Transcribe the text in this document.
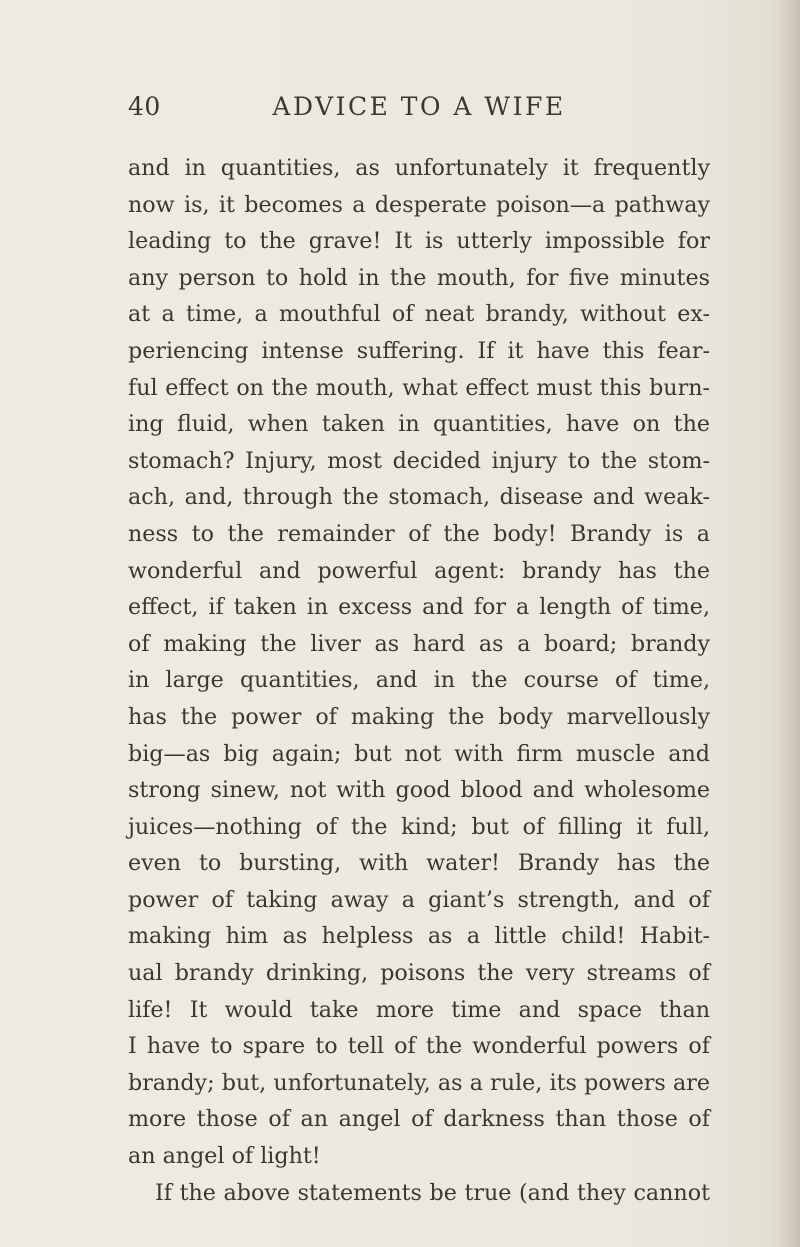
40	ADVICE TO A WIFE
and in quantities, as unfortunately it frequently
now is, it becomes a desperate poison—a pathway
leading to the grave! It is utterly impossible for
any person to hold in the mouth, for five minutes
at a time, a mouthful of neat brandy, without ex-
periencing intense suffering. If it have this fear-
ful effect on the mouth, what effect must this burn-
ing fluid, when taken in quantities, have on the
stomach? Injury, most decided injury to the stom-
ach, and, through the stomach, disease and weak-
ness to the remainder of the body! Brandy is a
wonderful and powerful agent: brandy has the
effect, if taken in excess and for a length of time,
of making the liver as hard as a board; brandy
in large quantities, and in the course of time,
has the power of making the body marvellously
big—as big again; but not with firm muscle and
strong sinew, not with good blood and wholesome
juices—nothing of the kind; but of filling it full,
even to bursting, with water! Brandy has the
power of taking away a giant’s strength, and of
making him as helpless as a little child! Habit-
ual brandy drinking, poisons the very streams of
life! It would take more time and space than
I have to spare to tell of the wonderful powers of
brandy; but, unfortunately, as a rule, its powers are
more those of an angel of darkness than those of
an angel of light!
If the above statements be true (and they cannot
